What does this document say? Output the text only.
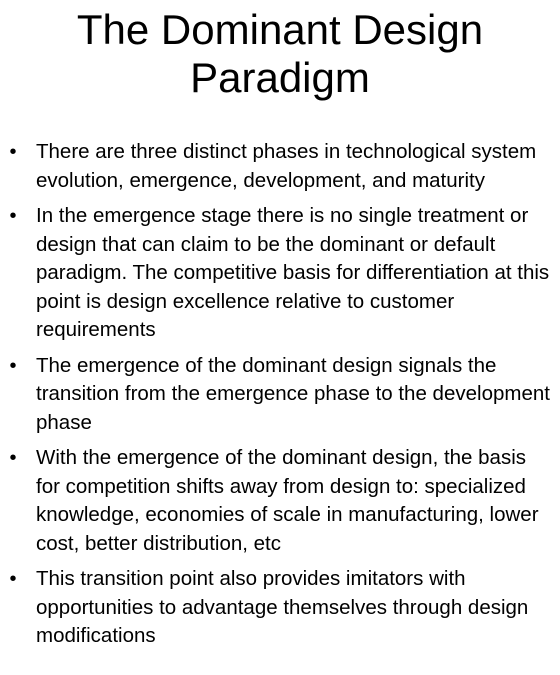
The Dominant Design
Paradigm
• There are three distinct phases in technological system evolution, emergence, development, and maturity
• In the emergence stage there is no single treatment or design that can claim to be the dominant or default paradigm. The competitive basis for differentiation at this point is design excellence relative to customer requirements
• The emergence of the dominant design signals the transition from the emergence phase to the development phase
• With the emergence of the dominant design, the basis for competition shifts away from design to: specialized knowledge, economies of scale in manufacturing, lower cost, better distribution, etc
• This transition point also provides imitators with opportunities to advantage themselves through design modifications
